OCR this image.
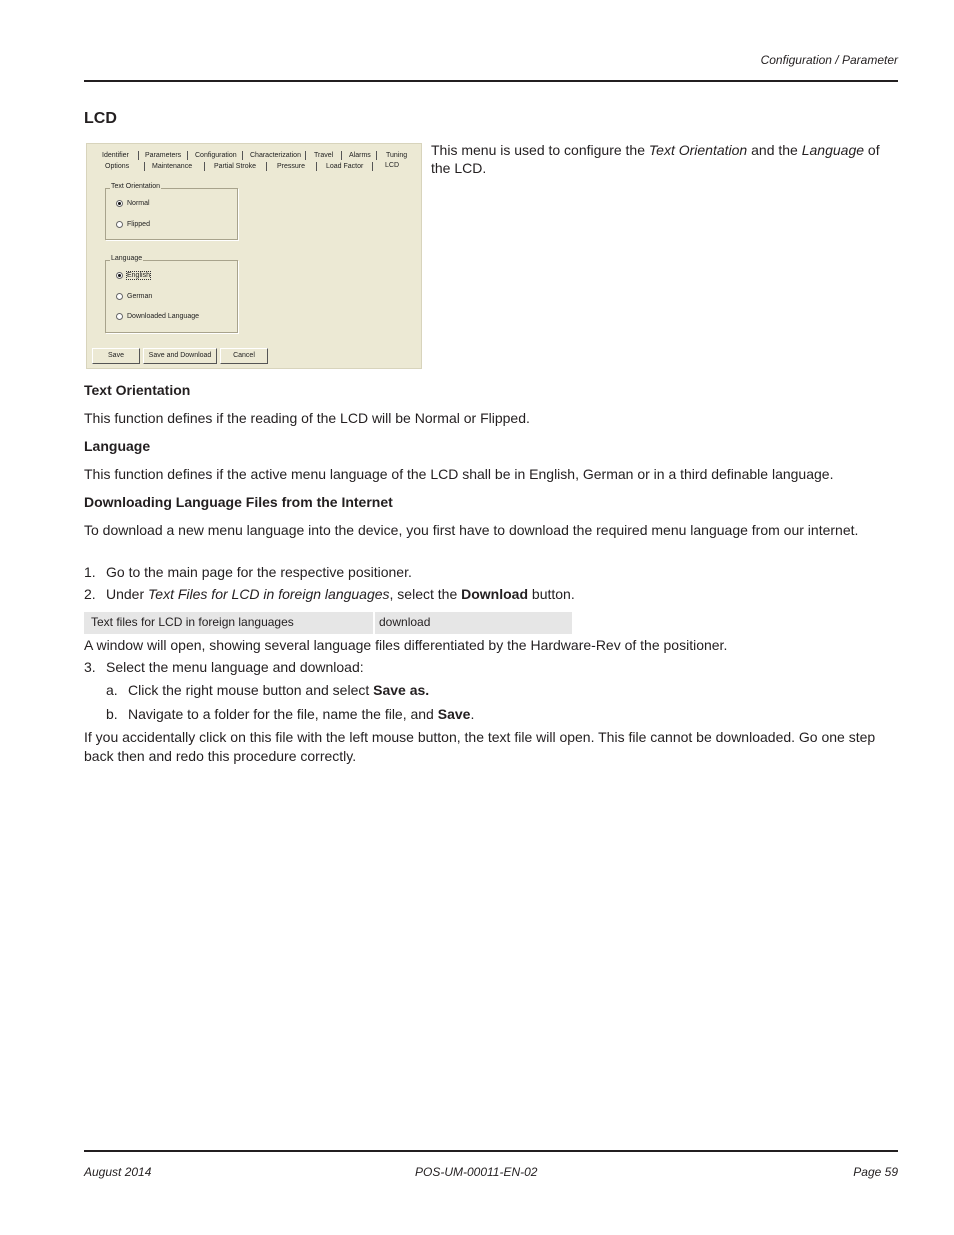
Configuration / Parameter
LCD
Identifier Parameters Configuration Characterization Travel Alarms Tuning
Options	Maintenance	Partial Stroke	Pressure	Load Factor	LCD
Text Orientation
Normal
Flipped
Language
English
German
Downloaded Language
Save	Save and Download	Cancel
This menu is used to configure the Text Orientation and the Language of the LCD.
Text Orientation
This function defines if the reading of the LCD will be Normal or Flipped.
Language
This function defines if the active menu language of the LCD shall be in English, German or in a third definable language.
Downloading Language Files from the Internet
To download a new menu language into the device, you first have to download the required menu language from our internet.
1. Go to the main page for the respective positioner.
2. Under Text Files for LCD in foreign languages, select the Download button.
Text files for LCD in foreign languages	download
A window will open, showing several language files differentiated by the Hardware-Rev of the positioner.
3. Select the menu language and download:
a. Click the right mouse button and select Save as.
b. Navigate to a folder for the file, name the file, and Save.
If you accidentally click on this file with the left mouse button, the text file will open. This file cannot be downloaded. Go one step back then and redo this procedure correctly.
August 2014	POS-UM-00011-EN-02	Page 59
